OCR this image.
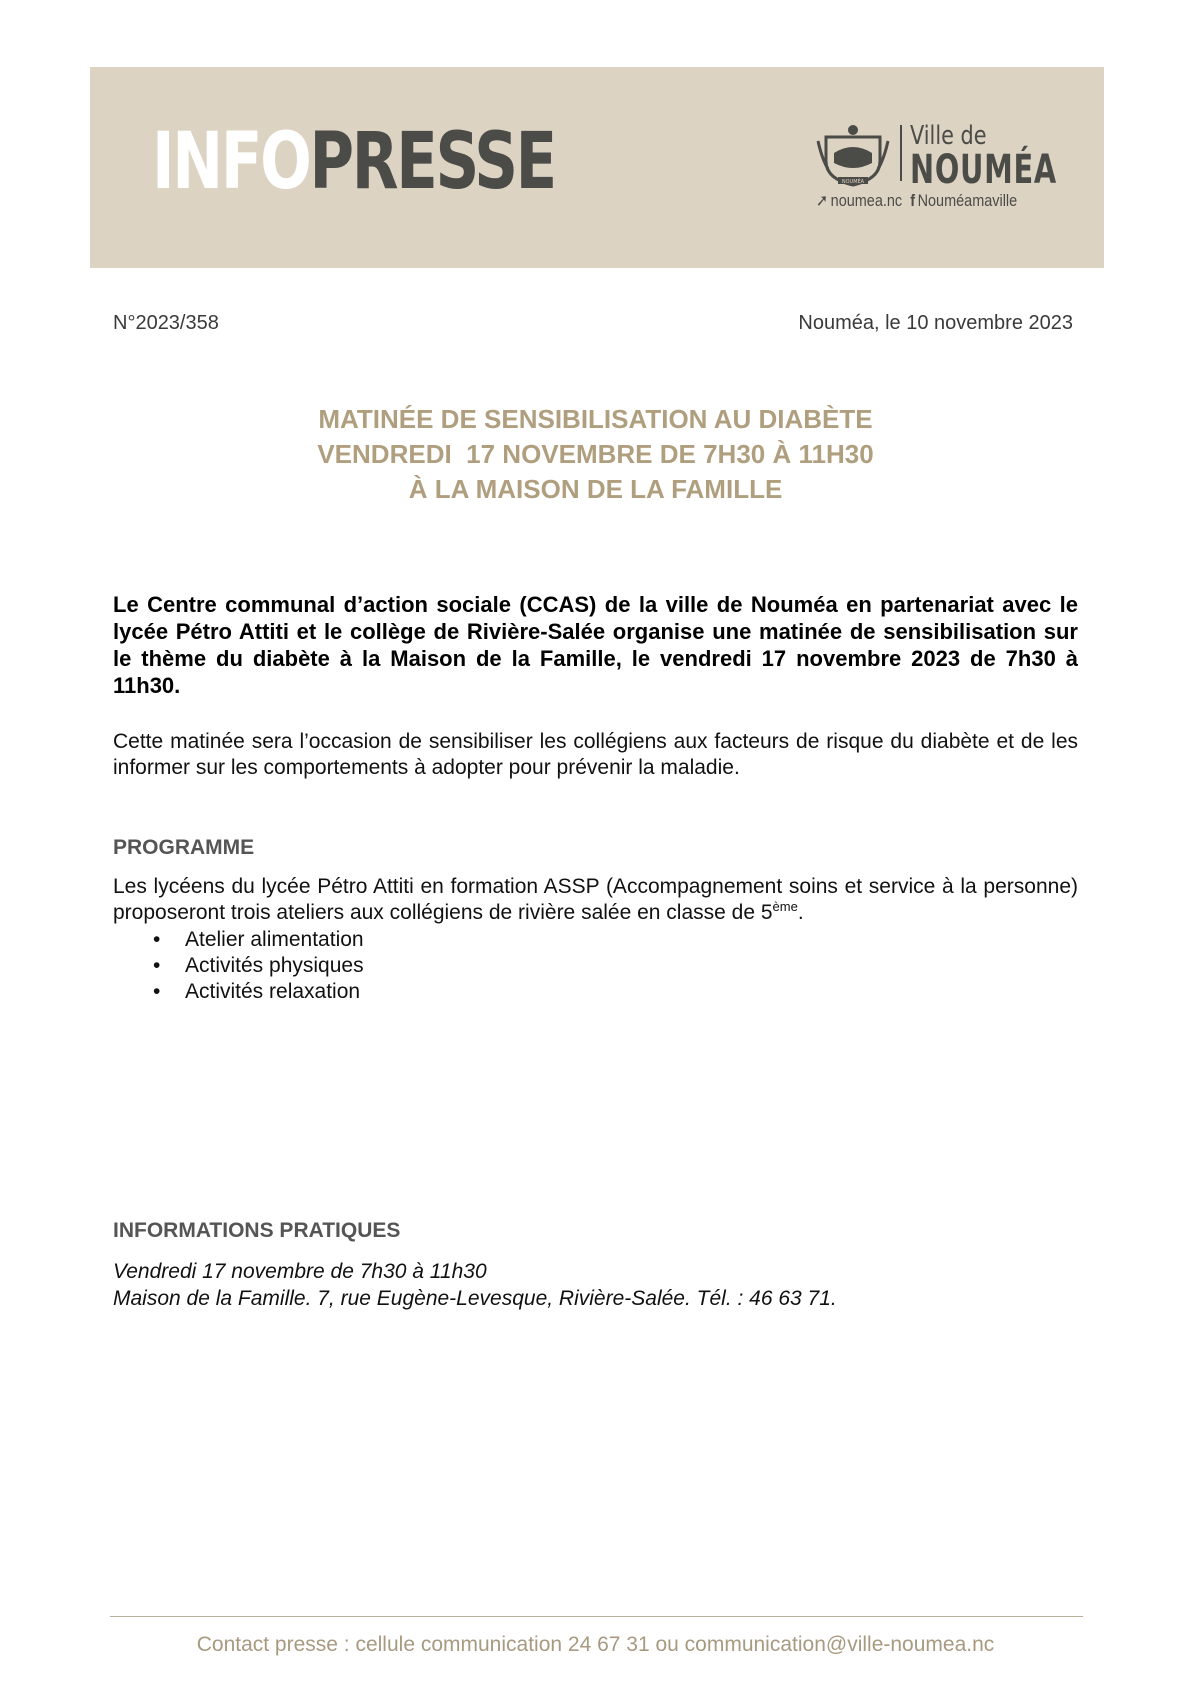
INFOPRESSE	NOUMÉA
Ville de
NOUMÉA
➚ noumea.nc f Nouméamaville
N°2023/358	Nouméa, le 10 novembre 2023
MATINÉE DE SENSIBILISATION AU DIABÈTE
VENDREDI  17 NOVEMBRE DE 7H30 À 11H30
À LA MAISON DE LA FAMILLE
Le Centre communal d’action sociale (CCAS) de la ville de Nouméa en partenariat avec le lycée Pétro Attiti et le collège de Rivière-Salée organise une matinée de sensibilisation sur le thème du diabète à la Maison de la Famille, le vendredi 17 novembre 2023 de 7h30 à 11h30.
Cette matinée sera l’occasion de sensibiliser les collégiens aux facteurs de risque du diabète et de les informer sur les comportements à adopter pour prévenir la maladie.
PROGRAMME
Les lycéens du lycée Pétro Attiti en formation ASSP (Accompagnement soins et service à la personne) proposeront trois ateliers aux collégiens de rivière salée en classe de 5ème.
• Atelier alimentation
• Activités physiques
• Activités relaxation
INFORMATIONS PRATIQUES
Vendredi 17 novembre de 7h30 à 11h30
Maison de la Famille. 7, rue Eugène-Levesque, Rivière-Salée. Tél. : 46 63 71.
Contact presse : cellule communication 24 67 31 ou communication@ville-noumea.nc
